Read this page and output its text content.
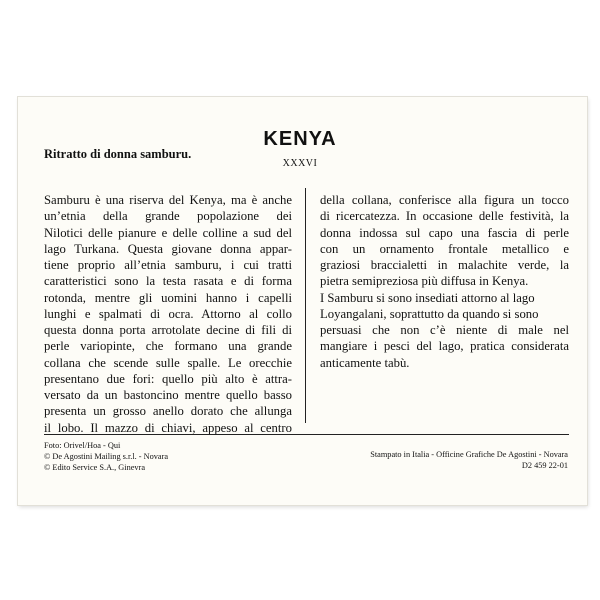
Ritratto di donna samburu.
KENYA
XXXVI
Samburu è una riserva del Kenya, ma è anche
un’etnia della grande popolazione dei
Nilotici delle pianure e delle colline a sud del
lago Turkana. Questa giovane donna appar-
tiene proprio all’etnia samburu, i cui tratti
caratteristici sono la testa rasata e di forma
rotonda, mentre gli uomini hanno i capelli
lunghi e spalmati di ocra. Attorno al collo
questa donna porta arrotolate decine di fili di
perle variopinte, che formano una grande
collana che scende sulle spalle. Le orecchie
presentano due fori: quello più alto è attra-
versato da un bastoncino mentre quello basso
presenta un grosso anello dorato che allunga
il lobo. Il mazzo di chiavi, appeso al centro
della collana, conferisce alla figura un tocco
di ricercatezza. In occasione delle festività, la
donna indossa sul capo una fascia di perle
con un ornamento frontale metallico e
graziosi braccialetti in malachite verde, la
pietra semipreziosa più diffusa in Kenya.
I Samburu si sono insediati attorno al lago
Loyangalani, soprattutto da quando si sono
persuasi che non c’è niente di male nel
mangiare i pesci del lago, pratica considerata
anticamente tabù.
Foto: Orivel/Hoa - Qui
© De Agostini Mailing s.r.l. - Novara
© Edito Service S.A., Ginevra
Stampato in Italia - Officine Grafiche De Agostini - Novara
D2 459 22-01
